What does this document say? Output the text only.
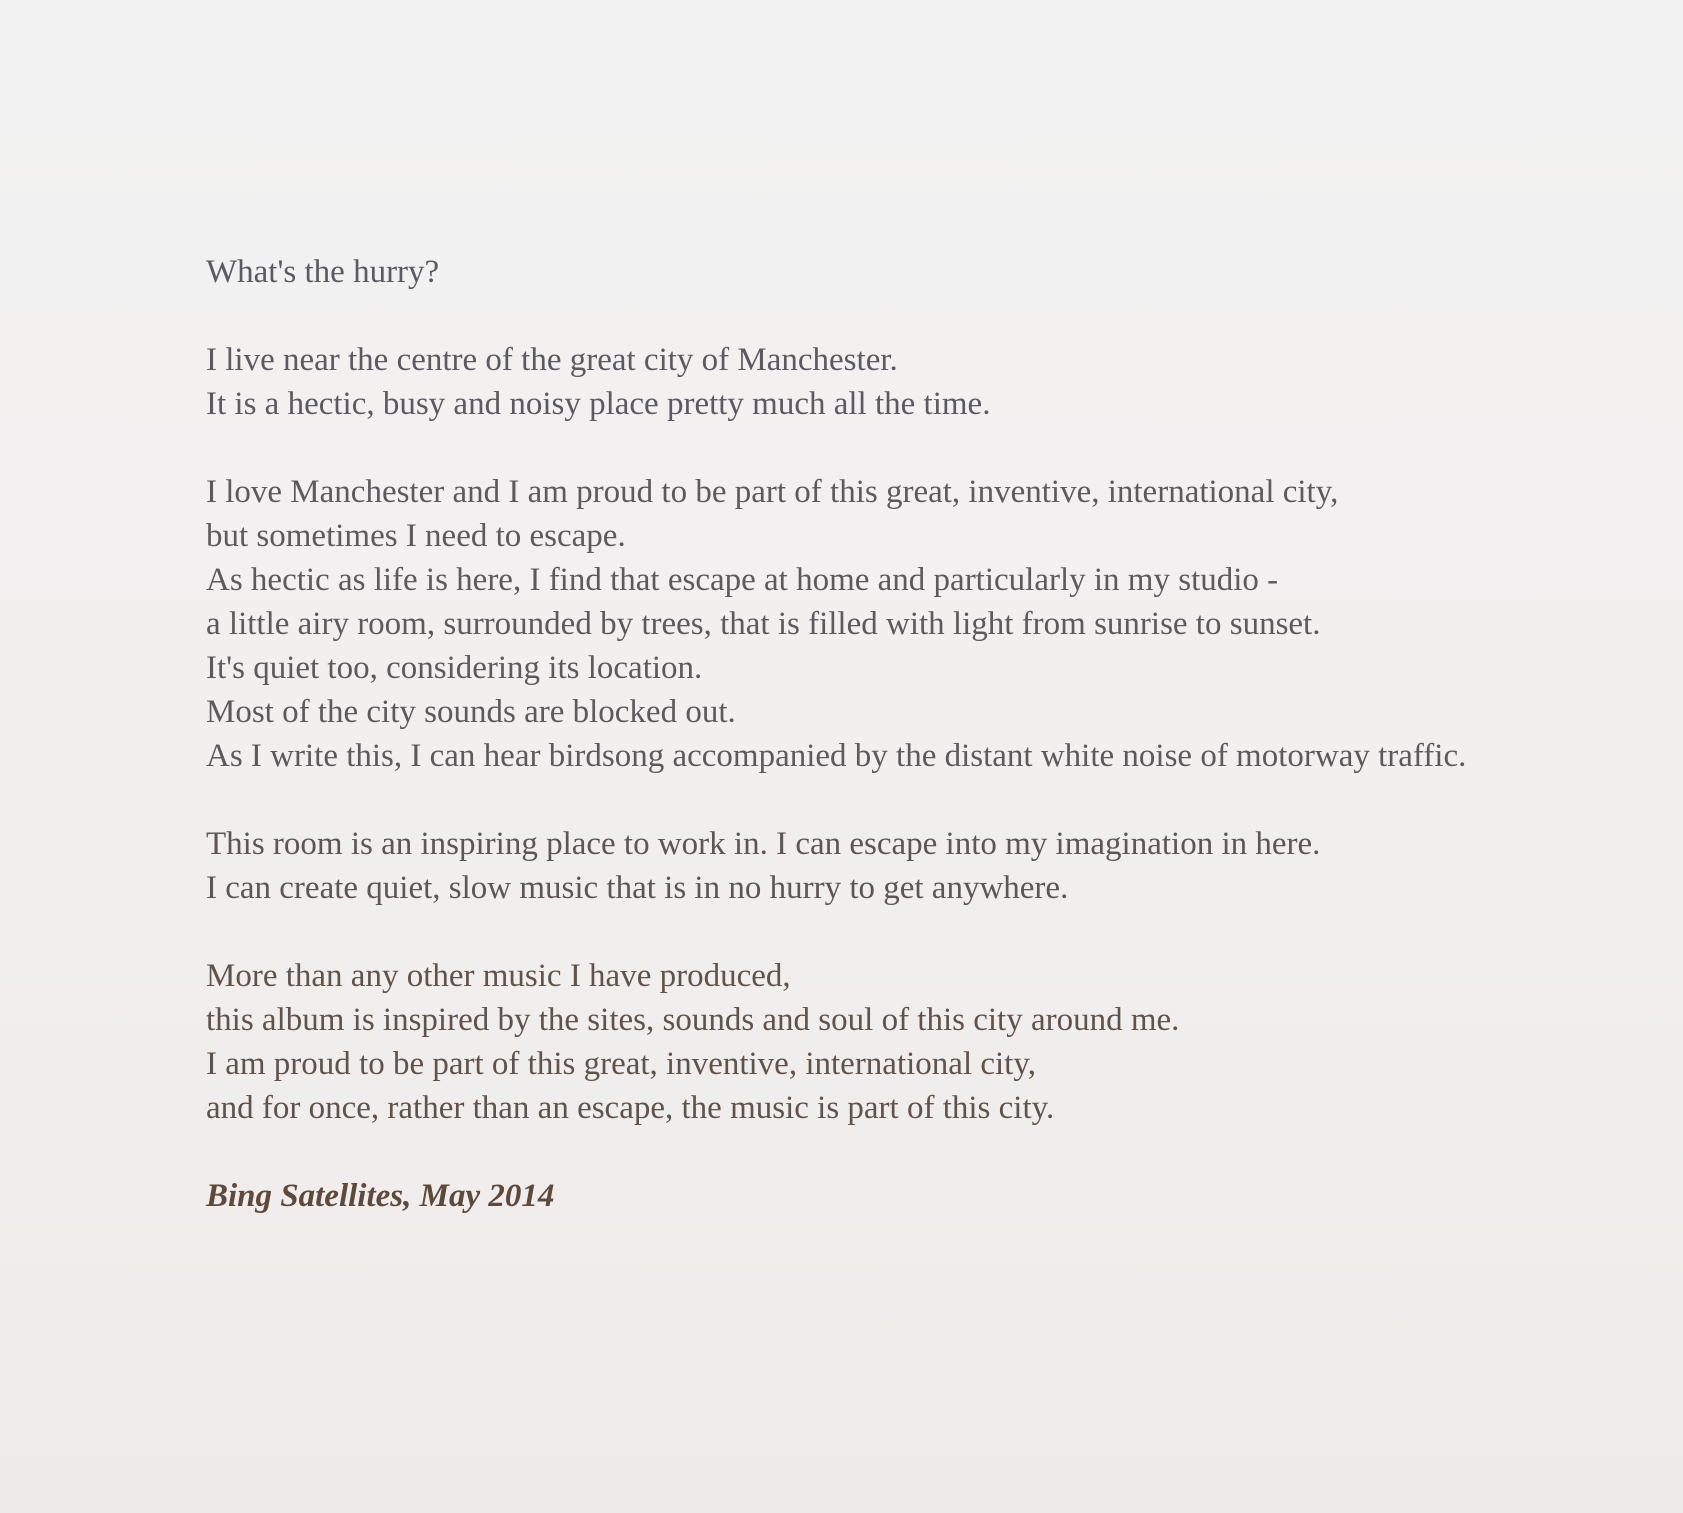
What's the hurry?
I live near the centre of the great city of Manchester.
It is a hectic, busy and noisy place pretty much all the time.
I love Manchester and I am proud to be part of this great, inventive, international city,
but sometimes I need to escape.
As hectic as life is here, I find that escape at home and particularly in my studio -
a little airy room, surrounded by trees, that is filled with light from sunrise to sunset.
It's quiet too, considering its location.
Most of the city sounds are blocked out.
As I write this, I can hear birdsong accompanied by the distant white noise of motorway traffic.
This room is an inspiring place to work in. I can escape into my imagination in here.
I can create quiet, slow music that is in no hurry to get anywhere.
More than any other music I have produced,
this album is inspired by the sites, sounds and soul of this city around me.
I am proud to be part of this great, inventive, international city,
and for once, rather than an escape, the music is part of this city.
Bing Satellites, May 2014
